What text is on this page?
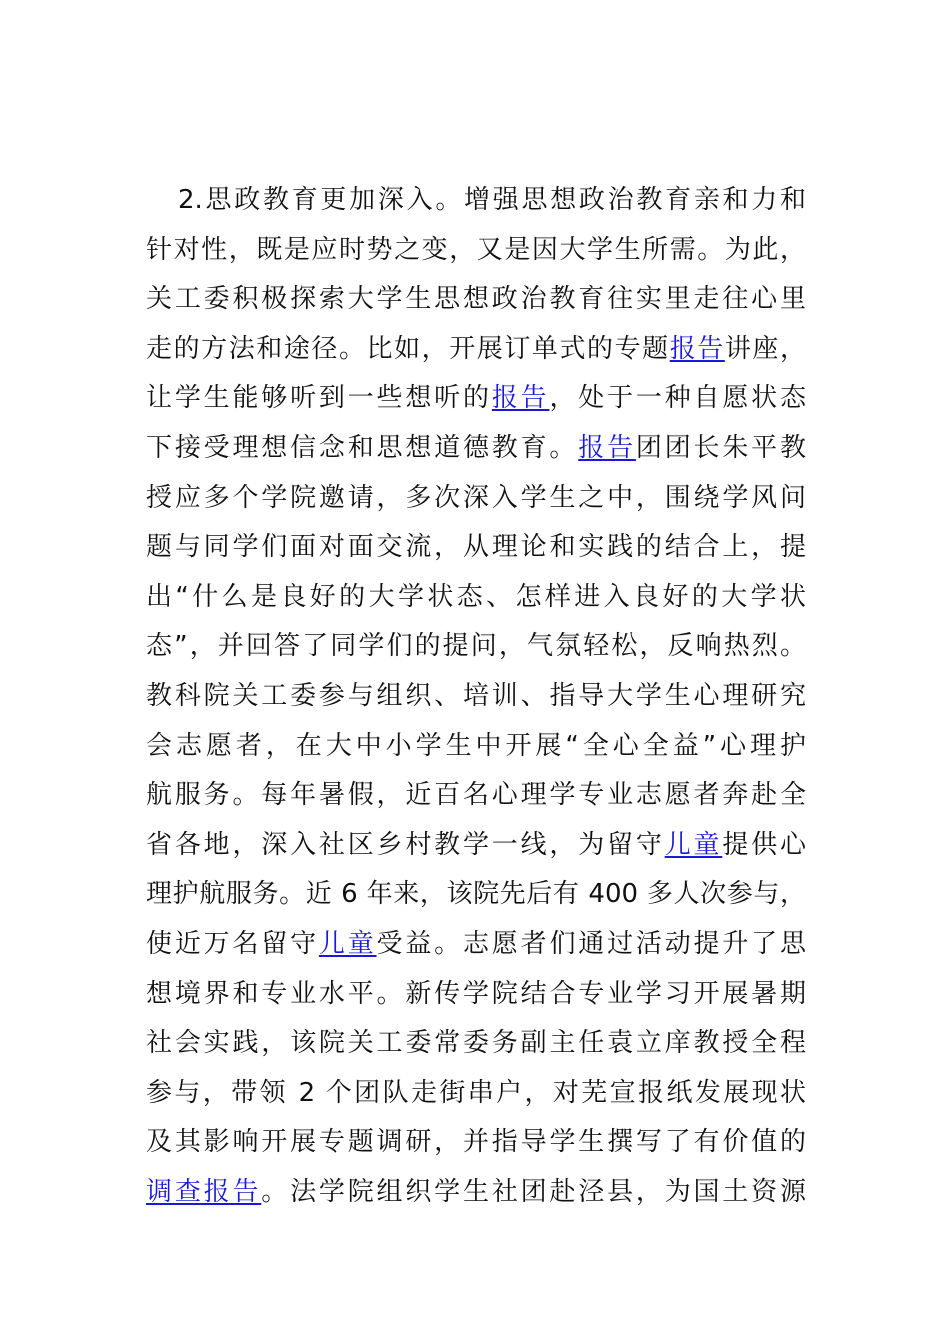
2.思政教育更加深入。增强思想政治教育亲和力和
针对性，既是应时势之变，又是因大学生所需。为此，
关工委积极探索大学生思想政治教育往实里走往心里
走的方法和途径。比如，开展订单式的专题报告讲座，
让学生能够听到一些想听的报告，处于一种自愿状态
下接受理想信念和思想道德教育。报告团团长朱平教
授应多个学院邀请，多次深入学生之中，围绕学风问
题与同学们面对面交流，从理论和实践的结合上，提
出“什么是良好的大学状态、怎样进入良好的大学状
态”，并回答了同学们的提问，气氛轻松，反响热烈。
教科院关工委参与组织、培训、指导大学生心理研究
会志愿者，在大中小学生中开展“全心全益”心理护
航服务。每年暑假，近百名心理学专业志愿者奔赴全
省各地，深入社区乡村教学一线，为留守儿童提供心
理护航服务。近 6 年来，该院先后有 400 多人次参与，
使近万名留守儿童受益。志愿者们通过活动提升了思
想境界和专业水平。新传学院结合专业学习开展暑期
社会实践，该院关工委常委务副主任袁立庠教授全程
参与，带领 2 个团队走街串户，对芜宣报纸发展现状
及其影响开展专题调研，并指导学生撰写了有价值的
调查报告。法学院组织学生社团赴泾县，为国土资源
